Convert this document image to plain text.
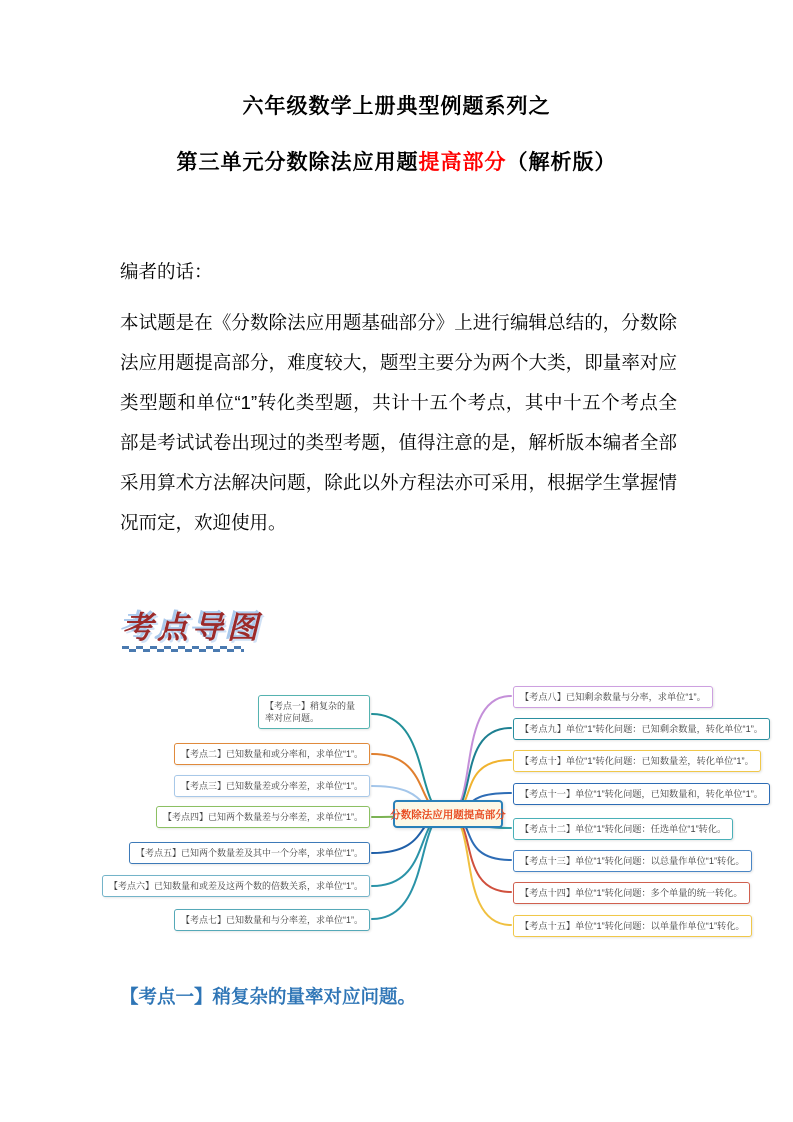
六年级数学上册典型例题系列之
第三单元分数除法应用题提高部分（解析版）
编者的话：
本试题是在《分数除法应用题基础部分》上进行编辑总结的，分数除法应用题提高部分，难度较大，题型主要分为两个大类，即量率对应类型题和单位“1”转化类型题，共计十五个考点，其中十五个考点全部是考试试卷出现过的类型考题，值得注意的是，解析版本编者全部采用算术方法解决问题，除此以外方程法亦可采用，根据学生掌握情况而定，欢迎使用。
考点导图
分数除法应用题提高部分
【考点一】稍复杂的量率对应问题。
【考点二】已知数量和或分率和，求单位“1”。
【考点三】已知数量差或分率差，求单位“1”。
【考点四】已知两个数量差与分率差，求单位“1”。
【考点五】已知两个数量差及其中一个分率，求单位“1”。
【考点六】已知数量和或差及这两个数的倍数关系，求单位“1”。
【考点七】已知数量和与分率差，求单位“1”。
【考点八】已知剩余数量与分率，求单位“1”。
【考点九】单位“1”转化问题：已知剩余数量，转化单位“1”。
【考点十】单位“1”转化问题：已知数量差，转化单位“1”。
【考点十一】单位“1”转化问题，已知数量和，转化单位“1”。
【考点十二】单位“1”转化问题：任选单位“1”转化。
【考点十三】单位“1”转化问题：以总量作单位“1”转化。
【考点十四】单位“1”转化问题：多个单量的统一转化。
【考点十五】单位“1”转化问题：以单量作单位“1”转化。
【考点一】稍复杂的量率对应问题。
